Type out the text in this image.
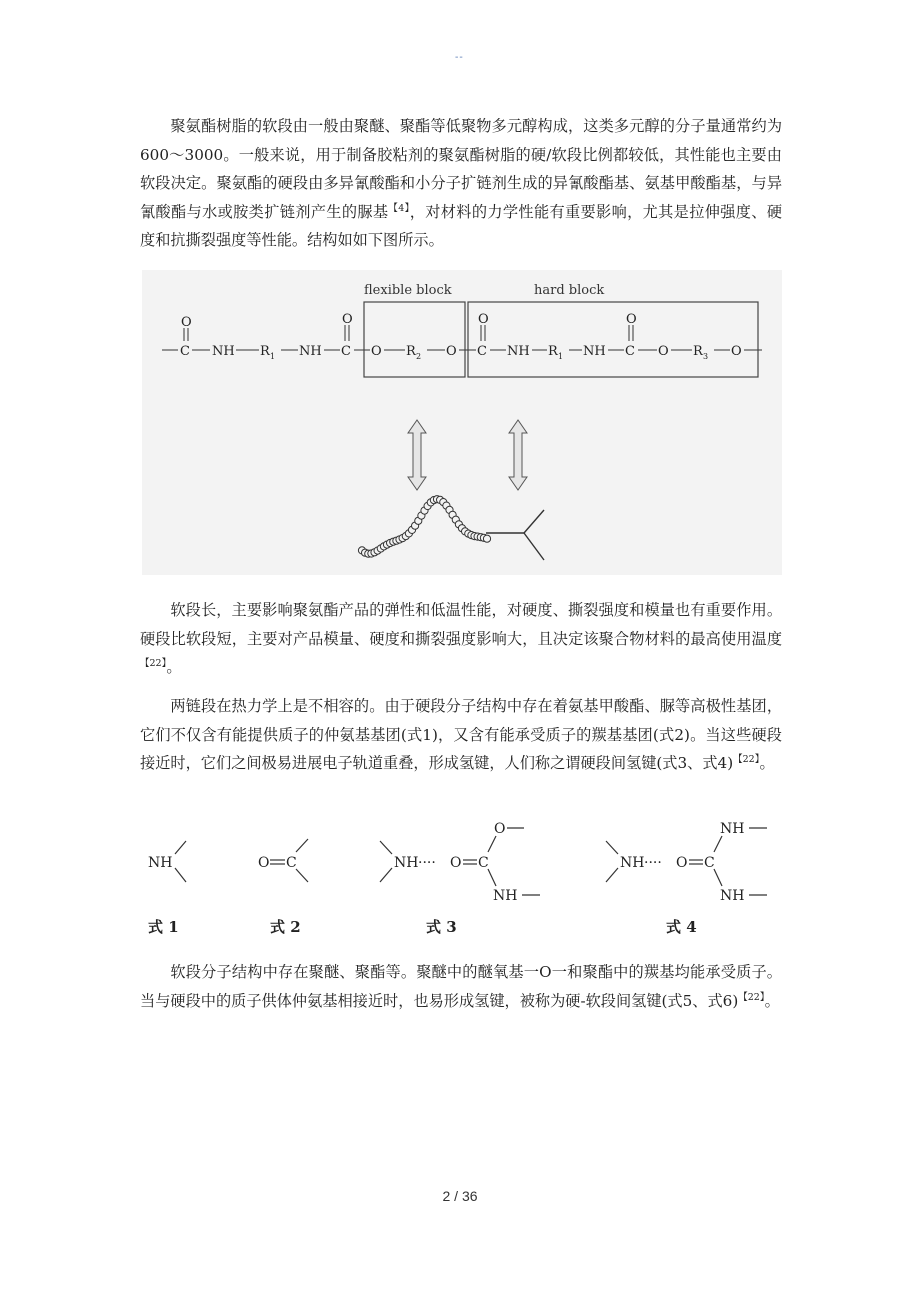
--

聚氨酯树脂的软段由一般由聚醚、聚酯等低聚物多元醇构成，这类多元醇的分子量通常约为 600～3000。一般来说，用于制备胶粘剂的聚氨酯树脂的硬/软段比例都较低，其性能也主要由软段决定。聚氨酯的硬段由多异氰酸酯和小分子扩链剂生成的异氰酸酯基、氨基甲酸酯基，与异氰酸酯与水或胺类扩链剂产生的脲基$^{【4】}$，对材料的力学性能有重要影响，尤其是拉伸强度、硬度和抗撕裂强度等性能。结构如如下图所示。

C NH R 1 NH C O R 2 O C NH R 1 NH C O R 3 O
O	O	O	O
flexible block	hard block

软段长，主要影响聚氨酯产品的弹性和低温性能，对硬度、撕裂强度和模量也有重要作用。硬段比软段短，主要对产品模量、硬度和撕裂强度影响大，且决定该聚合物材料的最高使用温度$^{【22】}$。

两链段在热力学上是不相容的。由于硬段分子结构中存在着氨基甲酸酯、脲等高极性基团，它们不仅含有能提供质子的仲氨基基团(式1)，又含有能承受质子的羰基基团(式2)。当这些硬段接近时，它们之间极易进展电子轨道重叠，形成氢键，人们称之谓硬段间氢键(式3、式4)$^{【22】}$。

NH	O C	NH ···· O C
O
NH
NH ···· O C
NH
NH
式 1	式 2	式 3	式 4

软段分子结构中存在聚醚、聚酯等。聚醚中的醚氧基一O一和聚酯中的羰基均能承受质子。当与硬段中的质子供体仲氨基相接近时，也易形成氢键，被称为硬-软段间氢键(式5、式6)$^{【22】}$。

2 / 36
